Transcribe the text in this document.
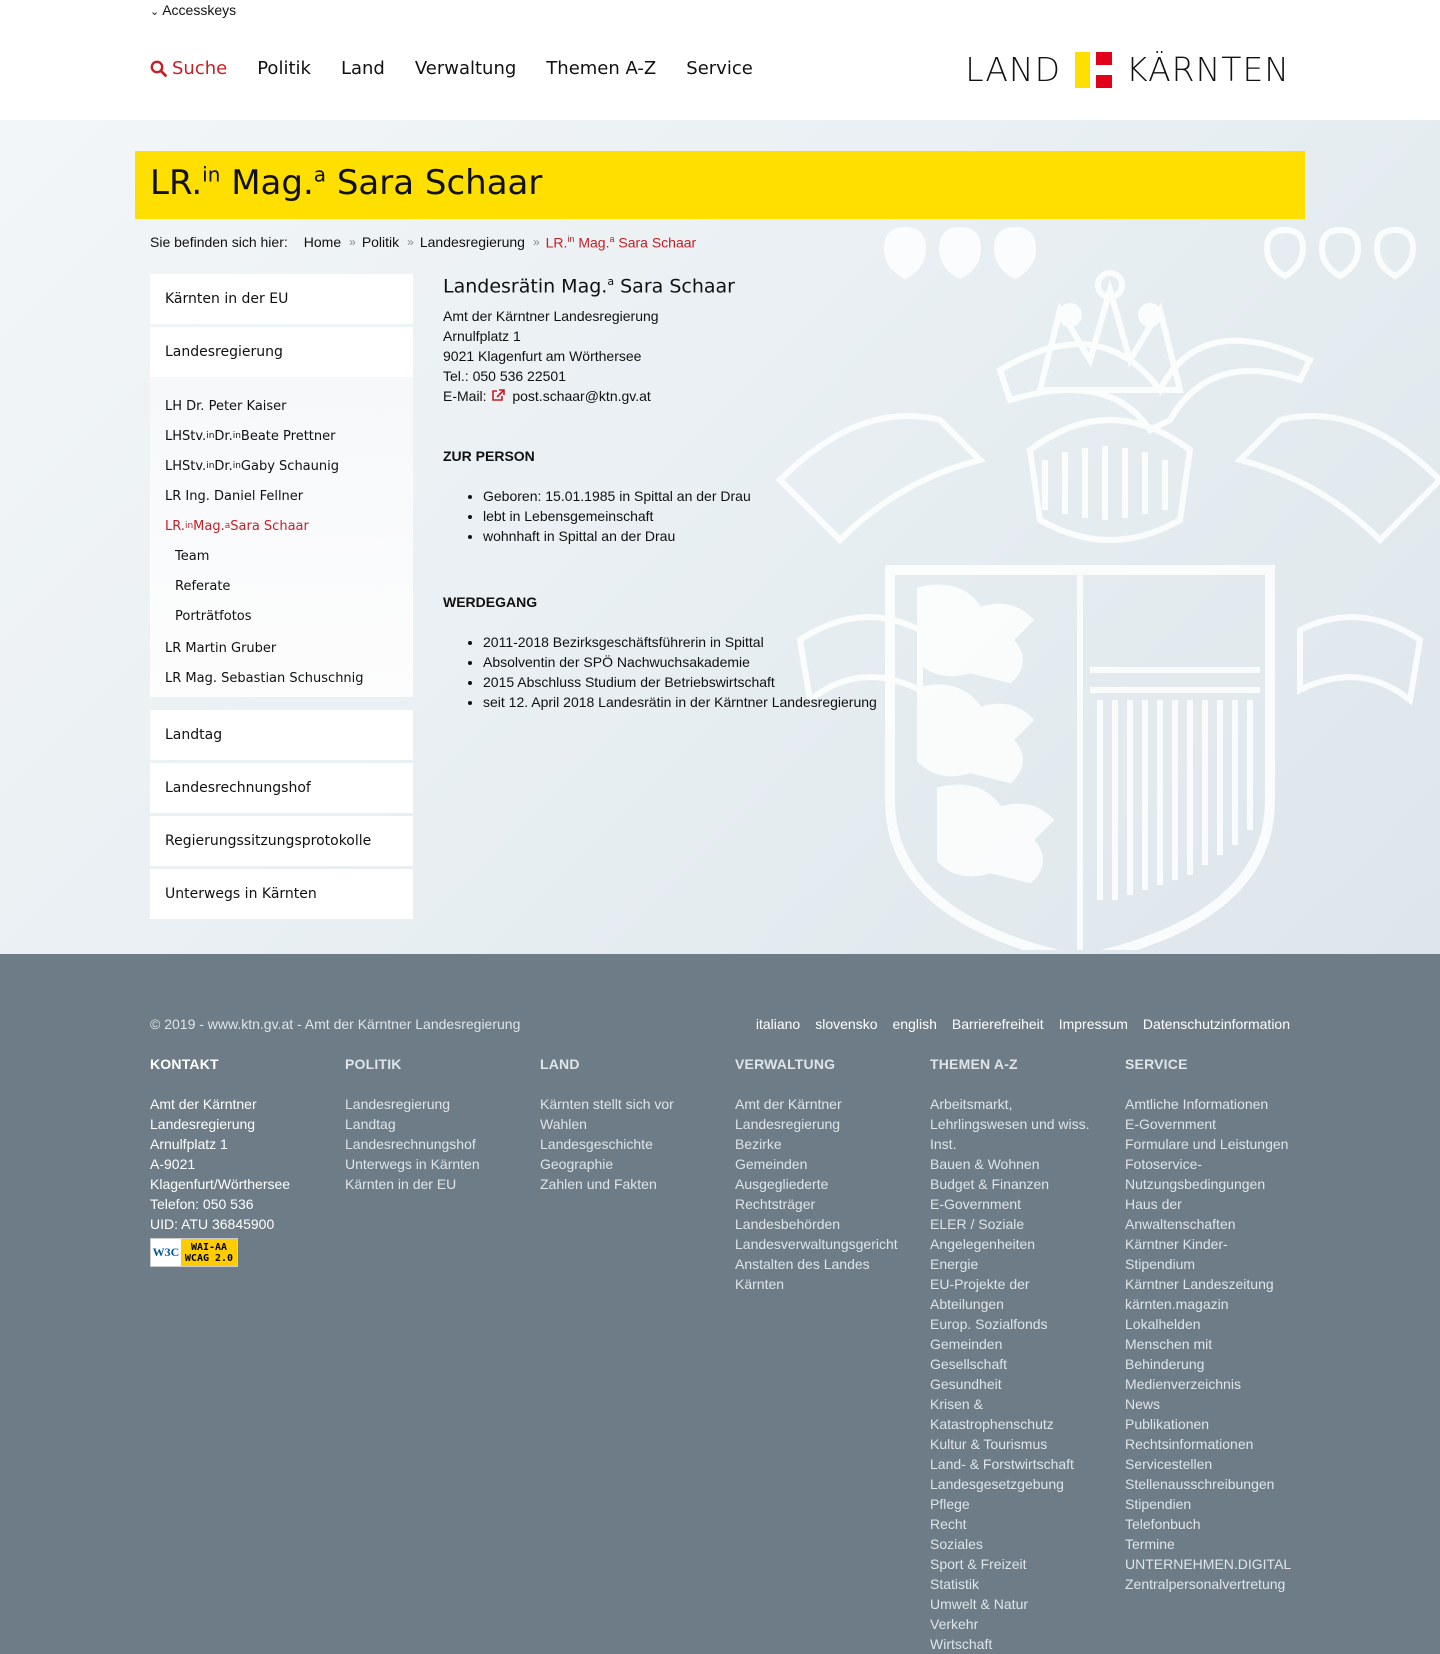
⌄ Accesskeys
Suche Politik Land Verwaltung Themen A-Z Service	LAND KÄRNTEN
LR.$^{in}$ Mag.$^a$ Sara Schaar
Sie befinden sich hier: Home » Politik » Landesregierung » LR.$^{in}$ Mag.$^a$ Sara Schaar
Kärnten in der EU
Landesregierung
LH Dr. Peter Kaiser
LHStv. in Dr. in Beate Prettner
LHStv. in Dr. in Gaby Schaunig
LR Ing. Daniel Fellner
LR. in Mag. a Sara Schaar
Team
Referate
Porträtfotos
LR Martin Gruber
LR Mag. Sebastian Schuschnig
Landtag
Landesrechnungshof
Regierungssitzungsprotokolle
Unterwegs in Kärnten
Landesrätin Mag.$^a$ Sara Schaar
Amt der Kärntner Landesregierung
Arnulfplatz 1
9021 Klagenfurt am Wörthersee
Tel.: 050 536 22501
E-Mail: post.schaar@ktn.gv.at
ZUR PERSON
• Geboren: 15.01.1985 in Spittal an der Drau
• lebt in Lebensgemeinschaft
• wohnhaft in Spittal an der Drau
WERDEGANG
• 2011-2018 Bezirksgeschäftsführerin in Spittal
• Absolventin der SPÖ Nachwuchsakademie
• 2015 Abschluss Studium der Betriebswirtschaft
• seit 12. April 2018 Landesrätin in der Kärntner Landesregierung
© 2019 - www.ktn.gv.at - Amt der Kärntner Landesregierung	italiano slovensko english Barrierefreiheit Impressum Datenschutzinformation
KONTAKT
Amt der Kärntner
Landesregierung
Arnulfplatz 1
A-9021
Klagenfurt/Wörthersee
Telefon: 050 536
UID: ATU 36845900
W3C WAI-AA
WCAG 2.0
POLITIK
Landesregierung
Landtag
Landesrechnungshof
Unterwegs in Kärnten
Kärnten in der EU
LAND
Kärnten stellt sich vor
Wahlen
Landesgeschichte
Geographie
Zahlen und Fakten
VERWALTUNG
Amt der Kärntner
Landesregierung
Bezirke
Gemeinden
Ausgegliederte
Rechtsträger
Landesbehörden
Landesverwaltungsgericht
Anstalten des Landes
Kärnten
THEMEN A-Z
Arbeitsmarkt,
Lehrlingswesen und wiss.
Inst.
Bauen & Wohnen
Budget & Finanzen
E-Government
ELER / Soziale
Angelegenheiten
Energie
EU-Projekte der
Abteilungen
Europ. Sozialfonds
Gemeinden
Gesellschaft
Gesundheit
Krisen &
Katastrophenschutz
Kultur & Tourismus
Land- & Forstwirtschaft
Landesgesetzgebung
Pflege
Recht
Soziales
Sport & Freizeit
Statistik
Umwelt & Natur
Verkehr
Wirtschaft
SERVICE
Amtliche Informationen
E-Government
Formulare und Leistungen
Fotoservice-
Nutzungsbedingungen
Haus der
Anwaltenschaften
Kärntner Kinder-
Stipendium
Kärntner Landeszeitung
kärnten.magazin
Lokalhelden
Menschen mit
Behinderung
Medienverzeichnis
News
Publikationen
Rechtsinformationen
Servicestellen
Stellenausschreibungen
Stipendien
Telefonbuch
Termine
UNTERNEHMEN.DIGITAL
Zentralpersonalvertretung
